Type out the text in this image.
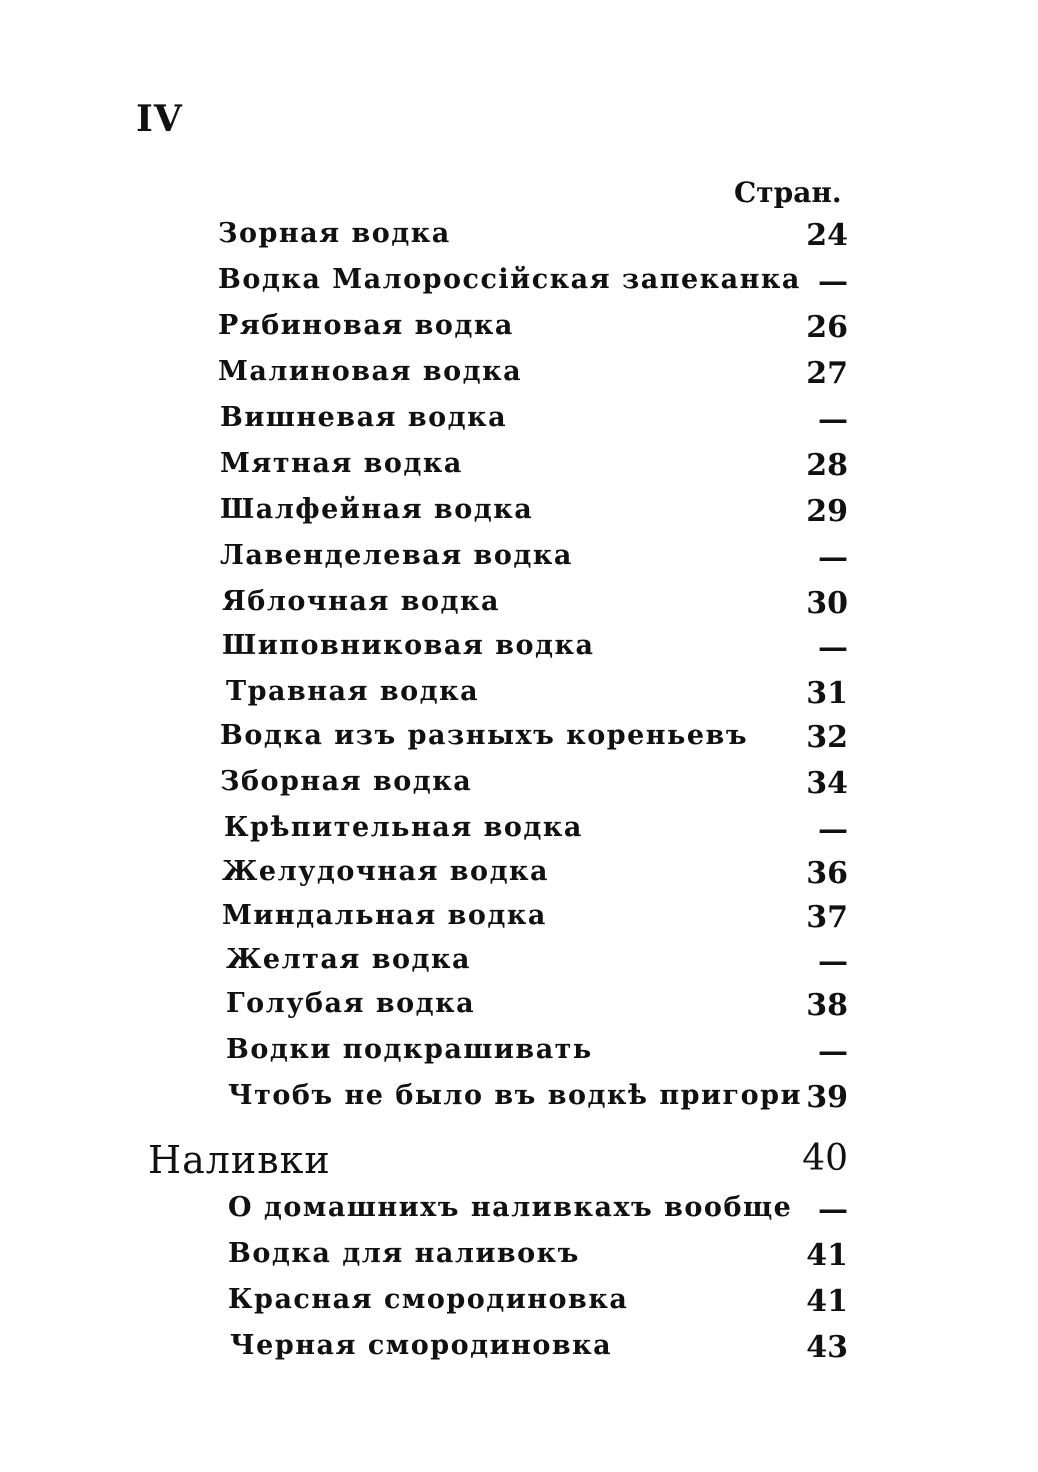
IV
Стран.
Зорная водка	24
Водка Малороссійская запеканка —
Рябиновая водка	26
Малиновая водка	27
Вишневая водка	—
Мятная водка	28
Шалфейная водка	29
Лавенделевая водка	—
Яблочная водка	30
Шиповниковая водка	—
Травная водка	31
Водка изъ разныхъ кореньевъ 32
Зборная водка	34
Крѣпительная водка	—
Желудочная водка	36
Миндальная водка	37
Желтая водка	—
Голубая водка	38
Водки подкрашивать	—
Чтобъ не было въ водкѣ пригори 39
Наливки	40
О домашнихъ наливкахъ вообще —
Водка для наливокъ	41
Красная смородиновка	41
Черная смородиновка	43
